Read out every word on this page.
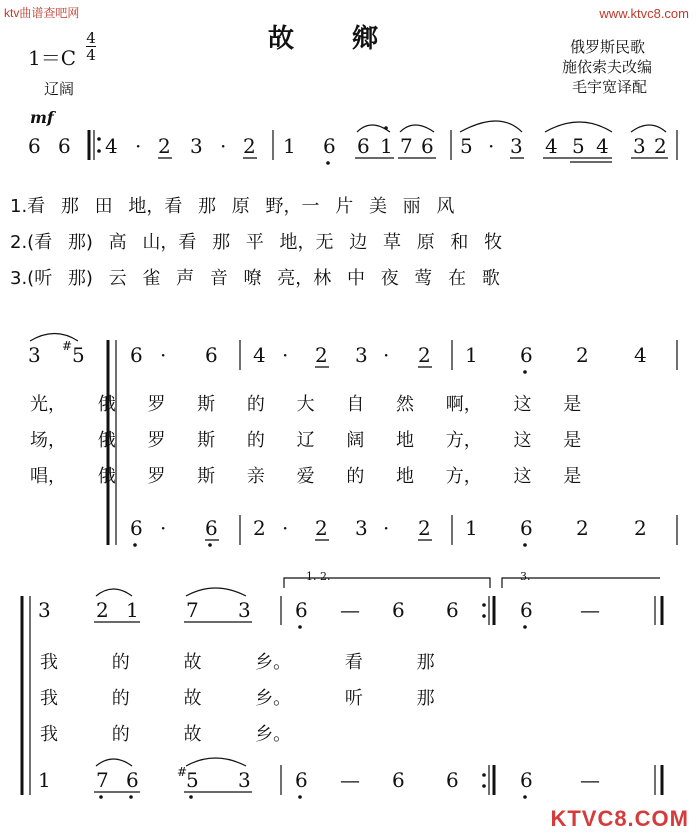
ktv曲谱查吧网	www.ktvc8.com
故鄉	俄罗斯民歌
施依索夫改编
毛宇宽译配
1＝C
4
4
辽阔
mf
6 6 4 · 2 3 · 2 1 6 6 1 7 6 5 · 3 4 5 4 3 2
3 5 6 · 6 4 · 2 3 · 2 1 6 2 4
6 · 6 2 · 2 3 · 2 1 6 2 2
3 2 1 7 3 6 — 6 6	6 —
1 7 6 5 3 6 — 6 6	6 —
#
#
1. 2.	3.
1.看 那 田 地，看 那 原 野，一 片 美 丽 风
2.(看 那) 高 山，看 那 平 地，无 边 草 原 和 牧
3.(听 那) 云 雀 声 音 嘹 亮，林 中 夜 莺 在 歌
光， 俄 罗 斯 的 大 自 然 啊， 这 是
场， 俄 罗 斯 的 辽 阔 地 方， 这 是
唱， 俄 罗 斯 亲 爱 的 地 方， 这 是
我 的 故 乡。 看 那
我 的 故 乡。 听 那
我 的 故 乡。
KTVC8.COM
